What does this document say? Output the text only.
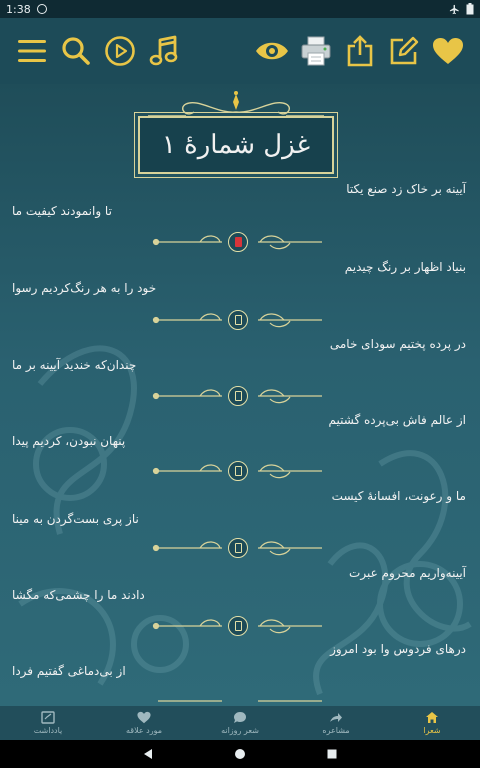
1:38
غزل شمارهٔ ۱
آیینه بر خاک زد صنع یکتا
تا وانمودند کیفیت ما
بنیاد اظهار بر رنگ چیدیم
خود را به هر رنگ‌کردیم رسوا
در پرده پختیم سودای خامی
چندان‌که خندید آیینه بر ما
از عالم فاش بی‌پرده گشتیم
پنهان نبودن، کردیم پیدا
ما و رعونت، افسانهٔ کیست
ناز پری بست‌گردن به مینا
آیینه‌واریم محروم عبرت
دادند ما را چشمی‌که مگشا
درهای فردوس وا بود امروز
از بی‌دماغی گفتیم فردا
یادداشت	مورد علاقه	شعر روزانه	مشاعره	شعرا
